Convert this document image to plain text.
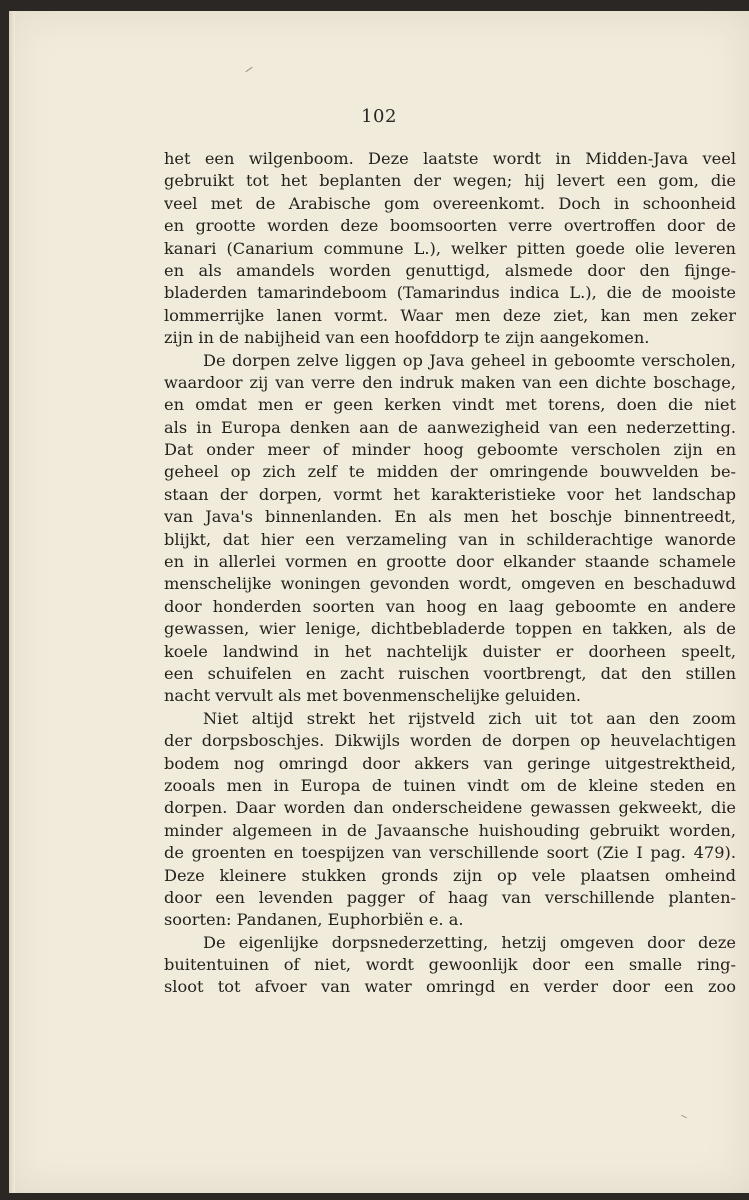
102
het een wilgenboom. Deze laatste wordt in Midden-Java veel
gebruikt tot het beplanten der wegen; hij levert een gom, die
veel met de Arabische gom overeenkomt. Doch in schoonheid
en grootte worden deze boomsoorten verre overtroffen door de
kanari (Canarium commune L.), welker pitten goede olie leveren
en als amandels worden genuttigd, alsmede door den fijnge-
bladerden tamarindeboom (Tamarindus indica L.), die de mooiste
lommerrijke lanen vormt. Waar men deze ziet, kan men zeker
zijn in de nabijheid van een hoofddorp te zijn aangekomen.
De dorpen zelve liggen op Java geheel in geboomte verscholen,
waardoor zij van verre den indruk maken van een dichte boschage,
en omdat men er geen kerken vindt met torens, doen die niet
als in Europa denken aan de aanwezigheid van een nederzetting.
Dat onder meer of minder hoog geboomte verscholen zijn en
geheel op zich zelf te midden der omringende bouwvelden be-
staan der dorpen, vormt het karakteristieke voor het landschap
van Java's binnenlanden. En als men het boschje binnentreedt,
blijkt, dat hier een verzameling van in schilderachtige wanorde
en in allerlei vormen en grootte door elkander staande schamele
menschelijke woningen gevonden wordt, omgeven en beschaduwd
door honderden soorten van hoog en laag geboomte en andere
gewassen, wier lenige, dichtbebladerde toppen en takken, als de
koele landwind in het nachtelijk duister er doorheen speelt,
een schuifelen en zacht ruischen voortbrengt, dat den stillen
nacht vervult als met bovenmenschelijke geluiden.
Niet altijd strekt het rijstveld zich uit tot aan den zoom
der dorpsboschjes. Dikwijls worden de dorpen op heuvelachtigen
bodem nog omringd door akkers van geringe uitgestrektheid,
zooals men in Europa de tuinen vindt om de kleine steden en
dorpen. Daar worden dan onderscheidene gewassen gekweekt, die
minder algemeen in de Javaansche huishouding gebruikt worden,
de groenten en toespijzen van verschillende soort (Zie I pag. 479).
Deze kleinere stukken gronds zijn op vele plaatsen omheind
door een levenden pagger of haag van verschillende planten-
soorten: Pandanen, Euphorbiën e. a.
De eigenlijke dorpsnederzetting, hetzij omgeven door deze
buitentuinen of niet, wordt gewoonlijk door een smalle ring-
sloot tot afvoer van water omringd en verder door een zoo
